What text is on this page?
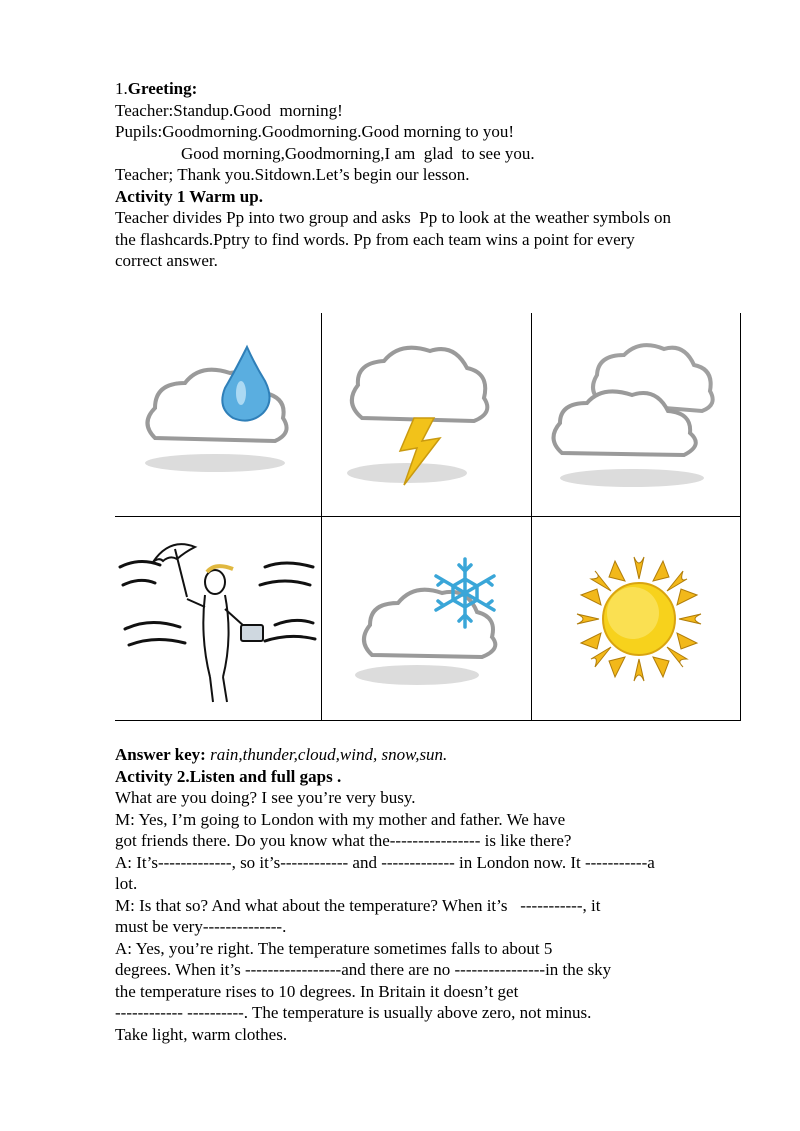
1.Greeting:

Teacher:Standup.Good  morning!

Pupils:Goodmorning.Goodmorning.Good morning to you!

Good morning,Goodmorning,I am  glad  to see you.

Teacher; Thank you.Sitdown.Let’s begin our lesson.

Activity 1 Warm up.

Teacher divides Pp into two group and asks  Pp to look at the weather symbols on

the flashcards.Pptry to find words. Pp from each team wins a point for every

correct answer.

Answer key: rain,thunder,cloud,wind, snow,sun.

Activity 2.Listen and full gaps .

What are you doing? I see you’re very busy.

M: Yes, I’m going to London with my mother and father. We have

got friends there. Do you know what the---------------- is like there?

A: It’s-------------, so it’s------------ and ------------- in London now. It -----------a

lot.

M: Is that so? And what about the temperature? When it’s   -----------, it

must be very--------------.

A: Yes, you’re right. The temperature sometimes falls to about 5

degrees. When it’s -----------------and there are no ----------------in the sky

the temperature rises to 10 degrees. In Britain it doesn’t get

------------ ----------. The temperature is usually above zero, not minus.

Take light, warm clothes.
